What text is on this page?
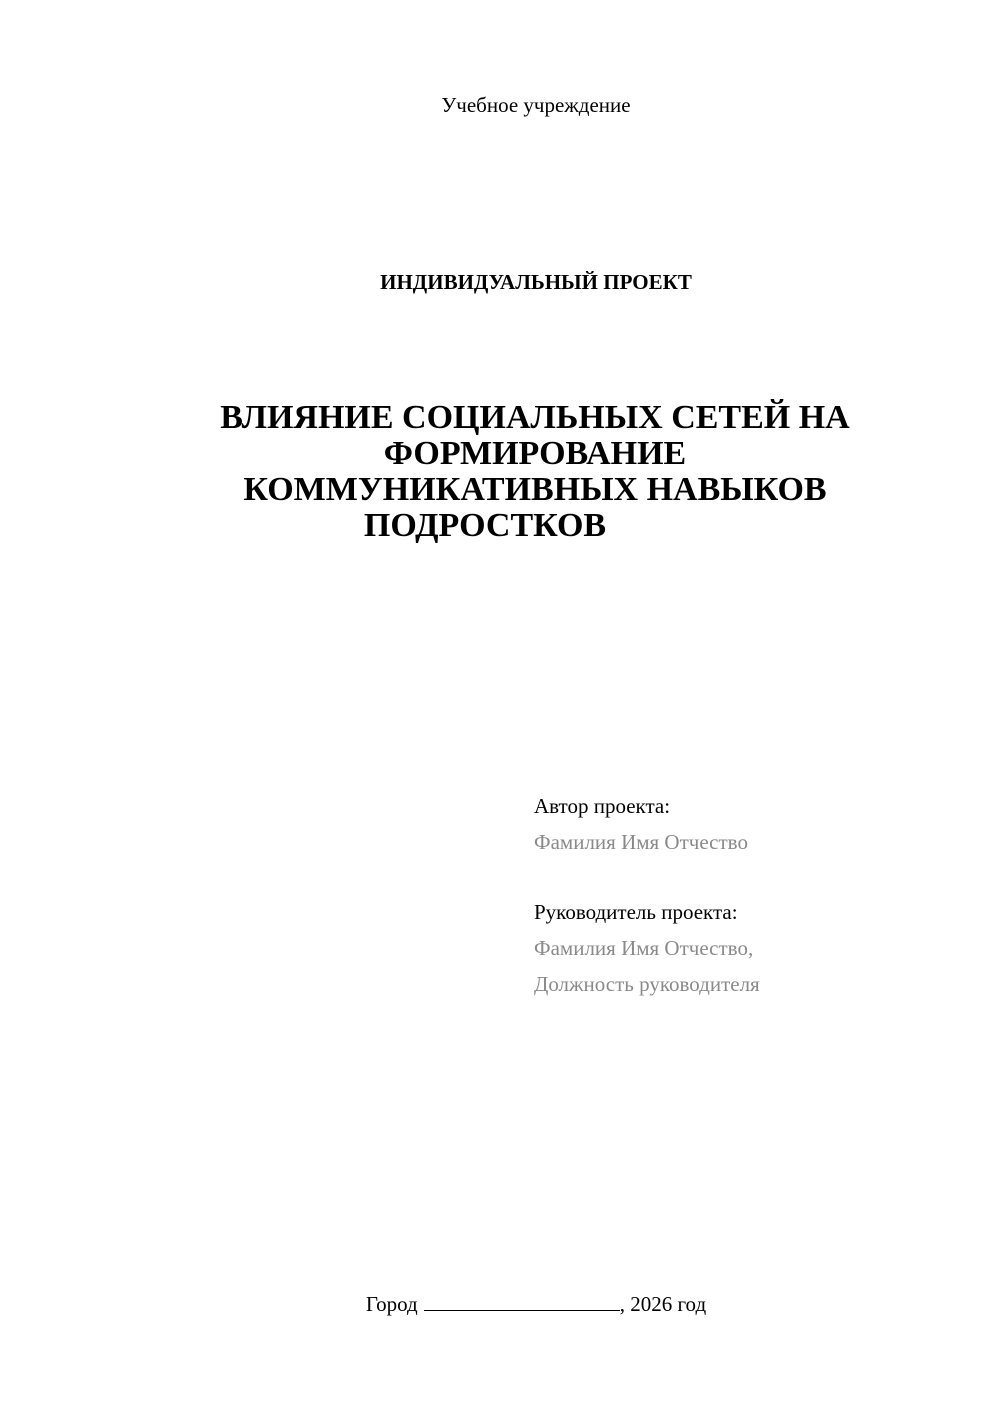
Учебное учреждение
ИНДИВИДУАЛЬНЫЙ ПРОЕКТ
ВЛИЯНИЕ СОЦИАЛЬНЫХ СЕТЕЙ НА
ФОРМИРОВАНИЕ
КОММУНИКАТИВНЫХ НАВЫКОВ
ПОДРОСТКОВ
Автор проекта:
Фамилия Имя Отчество
Руководитель проекта:
Фамилия Имя Отчество,
Должность руководителя
Город	, 2026 год
